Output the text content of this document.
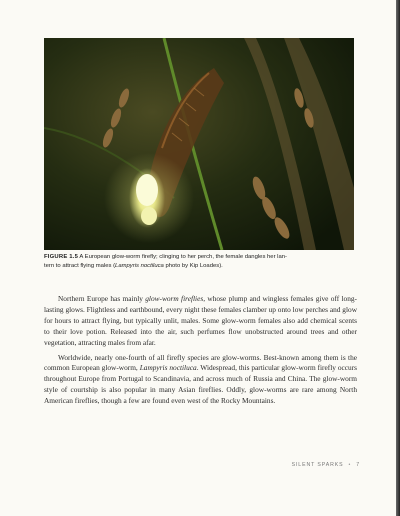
FIGURE 1.5 A European glow-worm firefly; clinging to her perch, the female dangles her lan-
tern to attract flying males (Lampyris noctiluca photo by Kip Loades).

Northern Europe has mainly glow-worm fireflies, whose plump and wingless females give off long-lasting glows. Flightless and earthbound, every night these females clamber up onto low perches and glow for hours to attract flying, but typically unlit, males. Some glow-worm females also add chemical scents to their love potion. Released into the air, such perfumes flow unobstructed around trees and other vegetation, attracting males from afar.

Worldwide, nearly one-fourth of all firefly species are glow-worms. Best-known among them is the common European glow-worm, Lampyris noctiluca. Widespread, this particular glow-worm firefly occurs throughout Europe from Portugal to Scandinavia, and across much of Russia and China. The glow-worm style of courtship is also popular in many Asian fireflies. Oddly, glow-worms are rare among North American fireflies, though a few are found even west of the Rocky Mountains.

SILENT SPARKS • 7
